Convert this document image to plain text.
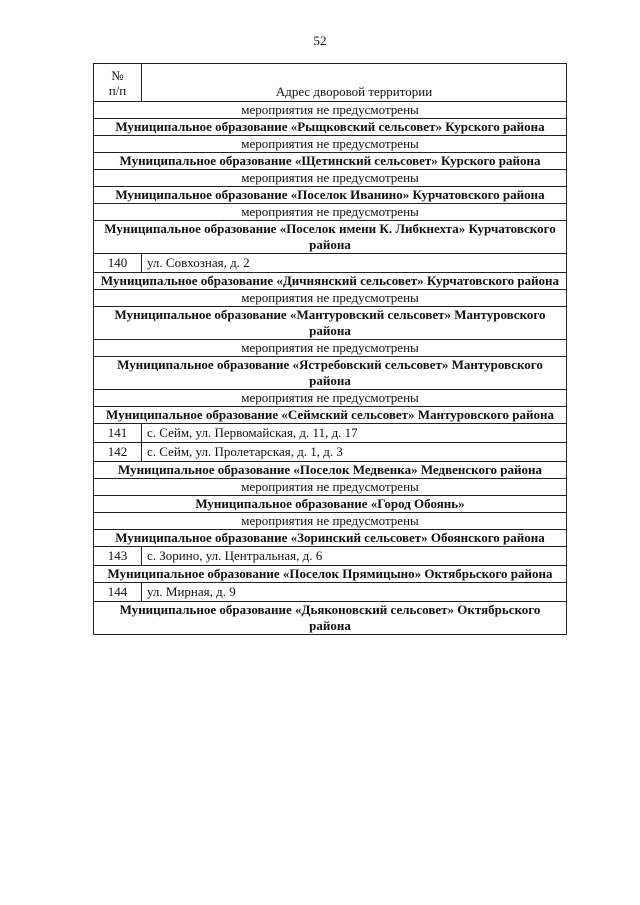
52
№
п/п	Адрес дворовой территории
мероприятия не предусмотрены	
Муниципальное образование «Рыщковский сельсовет» Курского района	
мероприятия не предусмотрены	
Муниципальное образование «Щетинский сельсовет» Курского района	
мероприятия не предусмотрены	
Муниципальное образование «Поселок Иванино» Курчатовского района	
мероприятия не предусмотрены	
Муниципальное образование «Поселок имени К. Либкнехта» Курчатовского района	
140	ул. Совхозная, д. 2
Муниципальное образование «Дичнянский сельсовет» Курчатовского района	
мероприятия не предусмотрены	
Муниципальное образование «Мантуровский сельсовет» Мантуровского района	
мероприятия не предусмотрены	
Муниципальное образование «Ястребовский сельсовет» Мантуровского района	
мероприятия не предусмотрены	
Муниципальное образование «Сеймский сельсовет» Мантуровского района	
141	с. Сейм, ул. Первомайская, д. 11, д. 17
142	с. Сейм, ул. Пролетарская, д. 1, д. 3
Муниципальное образование «Поселок Медвенка» Медвенского района	
мероприятия не предусмотрены	
Муниципальное образование «Город Обоянь»	
мероприятия не предусмотрены	
Муниципальное образование «Зоринский сельсовет» Обоянского района	
143	с. Зорино, ул. Центральная, д. 6
Муниципальное образование «Поселок Прямицыно» Октябрьского района	
144	ул. Мирная, д. 9
Муниципальное образование «Дьяконовский сельсовет» Октябрьского района	
